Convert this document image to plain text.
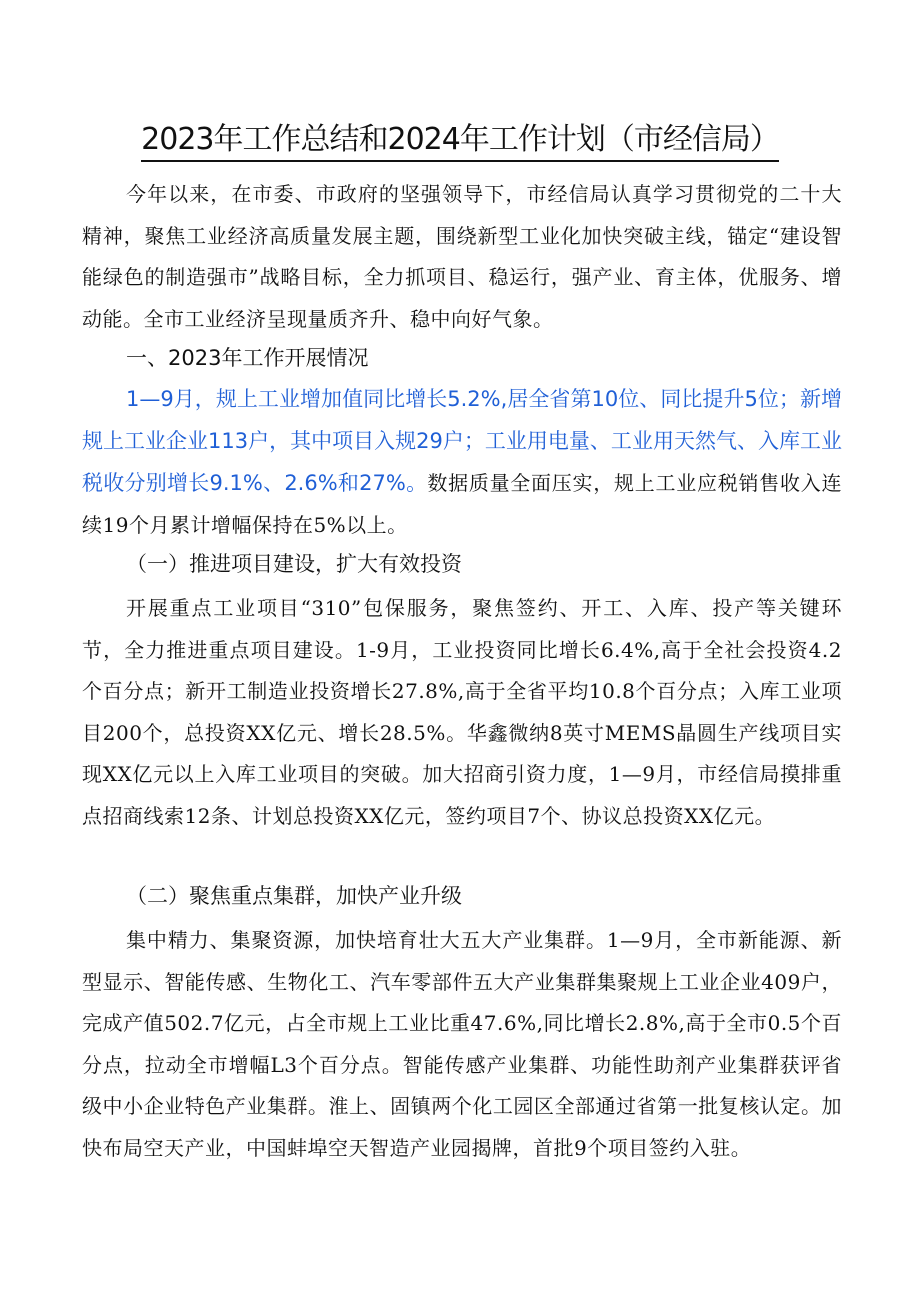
2023年工作总结和2024年工作计划（市经信局）

今年以来，在市委、市政府的坚强领导下，市经信局认真学习贯彻党的二十大精神，聚焦工业经济高质量发展主题，围绕新型工业化加快突破主线，锚定“建设智能绿色的制造强市”战略目标，全力抓项目、稳运行，强产业、育主体，优服务、增动能。全市工业经济呈现量质齐升、稳中向好气象。

一、2023年工作开展情况

1—9月，规上工业增加值同比增长5.2%,居全省第10位、同比提升5位；新增规上工业企业113户，其中项目入规29户；工业用电量、工业用天然气、入库工业税收分别增长9.1%、2.6%和27%。数据质量全面压实，规上工业应税销售收入连续19个月累计增幅保持在5%以上。

（一）推进项目建设，扩大有效投资

开展重点工业项目“310”包保服务，聚焦签约、开工、入库、投产等关键环节，全力推进重点项目建设。1-9月，工业投资同比增长6.4%,高于全社会投资4.2个百分点；新开工制造业投资增长27.8%,高于全省平均10.8个百分点；入库工业项目200个，总投资XX亿元、增长28.5%。华鑫微纳8英寸MEMS晶圆生产线项目实现XX亿元以上入库工业项目的突破。加大招商引资力度，1—9月，市经信局摸排重点招商线索12条、计划总投资XX亿元，签约项目7个、协议总投资XX亿元。

（二）聚焦重点集群，加快产业升级

集中精力、集聚资源，加快培育壮大五大产业集群。1—9月，全市新能源、新型显示、智能传感、生物化工、汽车零部件五大产业集群集聚规上工业企业409户，完成产值502.7亿元，占全市规上工业比重47.6%,同比增长2.8%,高于全市0.5个百分点，拉动全市增幅L3个百分点。智能传感产业集群、功能性助剂产业集群获评省级中小企业特色产业集群。淮上、固镇两个化工园区全部通过省第一批复核认定。加快布局空天产业，中国蚌埠空天智造产业园揭牌，首批9个项目签约入驻。
